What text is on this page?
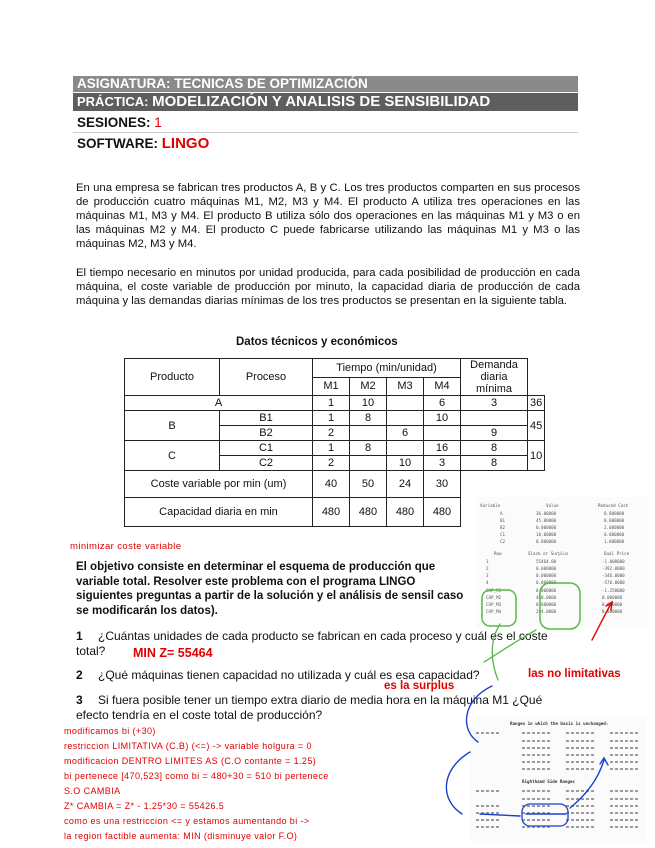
ASIGNATURA: TECNICAS DE OPTIMIZACIÓN
PRÁCTICA: MODELIZACIÓN Y ANALISIS DE SENSIBILIDAD
SESIONES: 1
SOFTWARE: LINGO
En una empresa se fabrican tres productos A, B y C. Los tres productos comparten en sus procesos de producción cuatro máquinas M1, M2, M3 y M4. El producto A utiliza tres operaciones en las máquinas M1, M3 y M4. El producto B utiliza sólo dos operaciones en las máquinas M1 y M3 o en las máquinas M2 y M4. El producto C puede fabricarse utilizando las máquinas M1 y M3 o las máquinas M2, M3 y M4.
El tiempo necesario en minutos por unidad producida, para cada posibilidad de producción en cada máquina, el coste variable de producción por minuto, la capacidad diaria de producción de cada máquina y las demandas diarias mínimas de los tres productos se presentan en la siguiente tabla.
Datos técnicos y económicos
Producto	Proceso	Tiempo (min/unidad)				Demanda diaria mínima	
		M1	M2	M3	M4		
A		1	10		6	3	36
B	B1	1	8		10		45
	B2	2		6		9	
C	C1	1	8		16	8	10
	C2	2		10	3	8	
Coste variable por min (um)		40	50	24	30		
Capacidad diaria en min		480	480	480	480		
minimizar coste variable
El objetivo consiste en determinar el esquema de producción que variable total. Resolver este problema con el programa LINGO siguientes preguntas a partir de la solución y el análisis de sensil caso se modificarán los datos).
1 ¿Cuántas unidades de cada producto se fabrican en cada proceso y cuál es el coste total?	MIN Z= 55464
2 ¿Qué máquinas tienen capacidad no utilizada y cuál es esa capacidad?	las no limitativas
es la surplus
3 Si fuera posible tener un tiempo extra diario de media hora en la máquina M1 ¿Qué efecto tendría en el coste total de producción?
modificamos bi (+30)
restriccion LIMITATIVA (C.B) (<=) -> variable holgura = 0
modificacion DENTRO LIMITES AS (C.O contante = 1.25)
bi pertenece [470,523] como bi = 480+30 = 510 bi pertenece
S.O CAMBIA
Z* CAMBIA = Z* - 1.25*30 = 55426.5
como es una restriccion <= y estamos aumentando bi ->
la region factible aumenta: MIN (disminuye valor F.O)
Variable	Value	Reduced Cost
A	36.00000	0.000000
B1	45.00000	0.000000
B2	0.000000	2.000000
C1	10.00000	0.000000
C2	0.000000	1.000000
Row	Slack or Surplus	Dual Price
1	55464.00	-1.000000
2	0.000000	-392.0000
3	0.000000	-346.0000
4	0.000000	-570.0000
CAP_M1	0.000000	-1.250000
CAP_M2	480.0000	0.000000
CAP_M3	0.000000	0.000000
CAP_M4	294.0000	0.000000
Ranges in which the basis is unchanged:
Righthand Side Ranges
